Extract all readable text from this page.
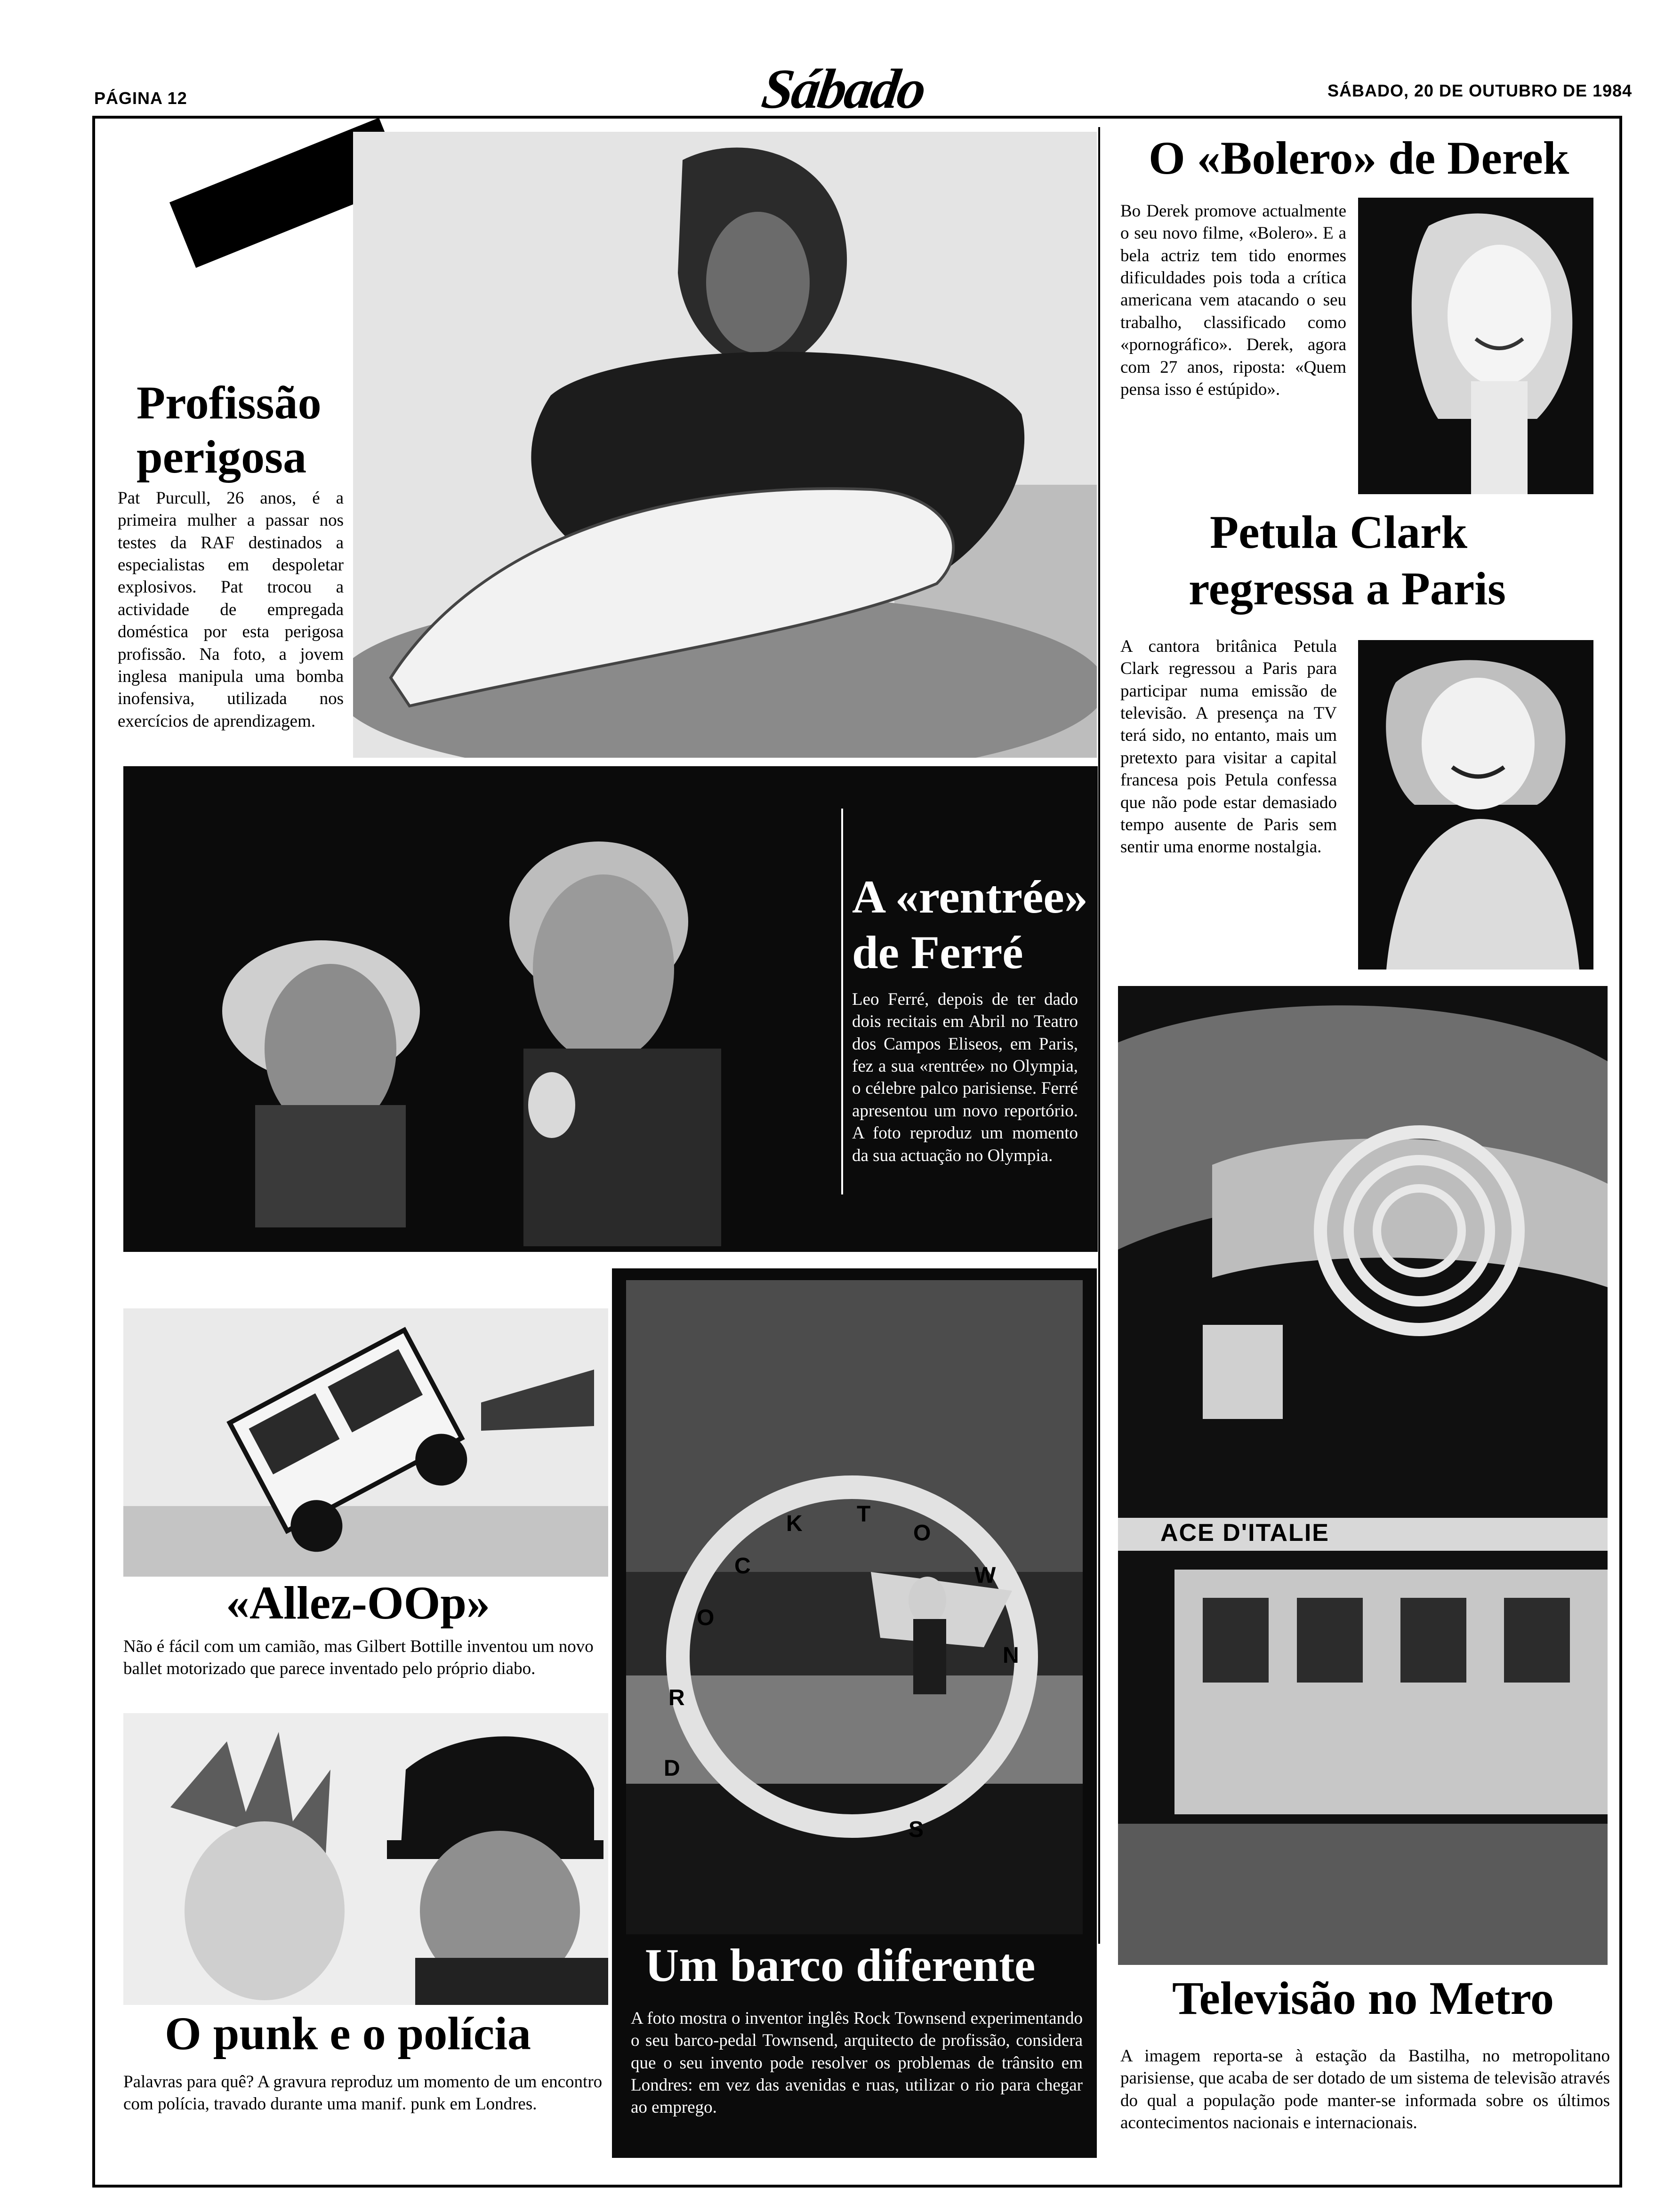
PÁGINA 12	Sábado	SÁBADO, 20 DE OUTUBRO DE 1984
Profissão
perigosa

Pat Purcull, 26 anos, é a primeira mulher a passar nos testes da RAF destinados a especialistas em despoletar explosivos. Pat trocou a actividade de empregada doméstica por esta perigosa profissão. Na foto, a jovem inglesa manipula uma bomba inofensiva, utilizada nos exercícios de aprendizagem.

O «Bolero» de Derek

Bo Derek promove actualmente o seu novo filme, «Bolero». E a bela actriz tem tido enormes dificuldades pois toda a crítica americana vem atacando o seu trabalho, classificado como «pornográfico». Derek, agora com 27 anos, riposta: «Quem pensa isso é estúpido».

Petula Clark
regressa a Paris

A cantora britânica Petula Clark regressou a Paris para participar numa emissão de televisão. A presença na TV terá sido, no entanto, mais um pretexto para visitar a capital francesa pois Petula confessa que não pode estar demasiado tempo ausente de Paris sem sentir uma enorme nostalgia.

A «rentrée»
de Ferré

Leo Ferré, depois de ter dado dois recitais em Abril no Teatro dos Campos Eliseos, em Paris, fez a sua «rentrée» no Olympia, o célebre palco parisiense. Ferré apresentou um novo reportório. A foto reproduz um momento da sua actuação no Olympia.

ACE D'ITALIE
Televisão no Metro

A imagem reporta-se à estação da Bastilha, no metropolitano parisiense, que acaba de ser dotado de um sistema de televisão através do qual a população pode manter-se informada sobre os últimos acontecimentos nacionais e internacionais.

«Allez-OOp»

Não é fácil com um camião, mas Gilbert Bottille inventou um novo ballet motorizado que parece inventado pelo próprio diabo.

O punk e o polícia

Palavras para quê? A gravura reproduz um momento de um encontro com polícia, travado durante uma manif. punk em Londres.

D
R
O
C
K T
O
W
N
S
Um barco diferente

A foto mostra o inventor inglês Rock Townsend experimentando o seu barco-pedal Townsend, arquitecto de profissão, considera que o seu invento pode resolver os problemas de trânsito em Londres: em vez das avenidas e ruas, utilizar o rio para chegar ao emprego.
